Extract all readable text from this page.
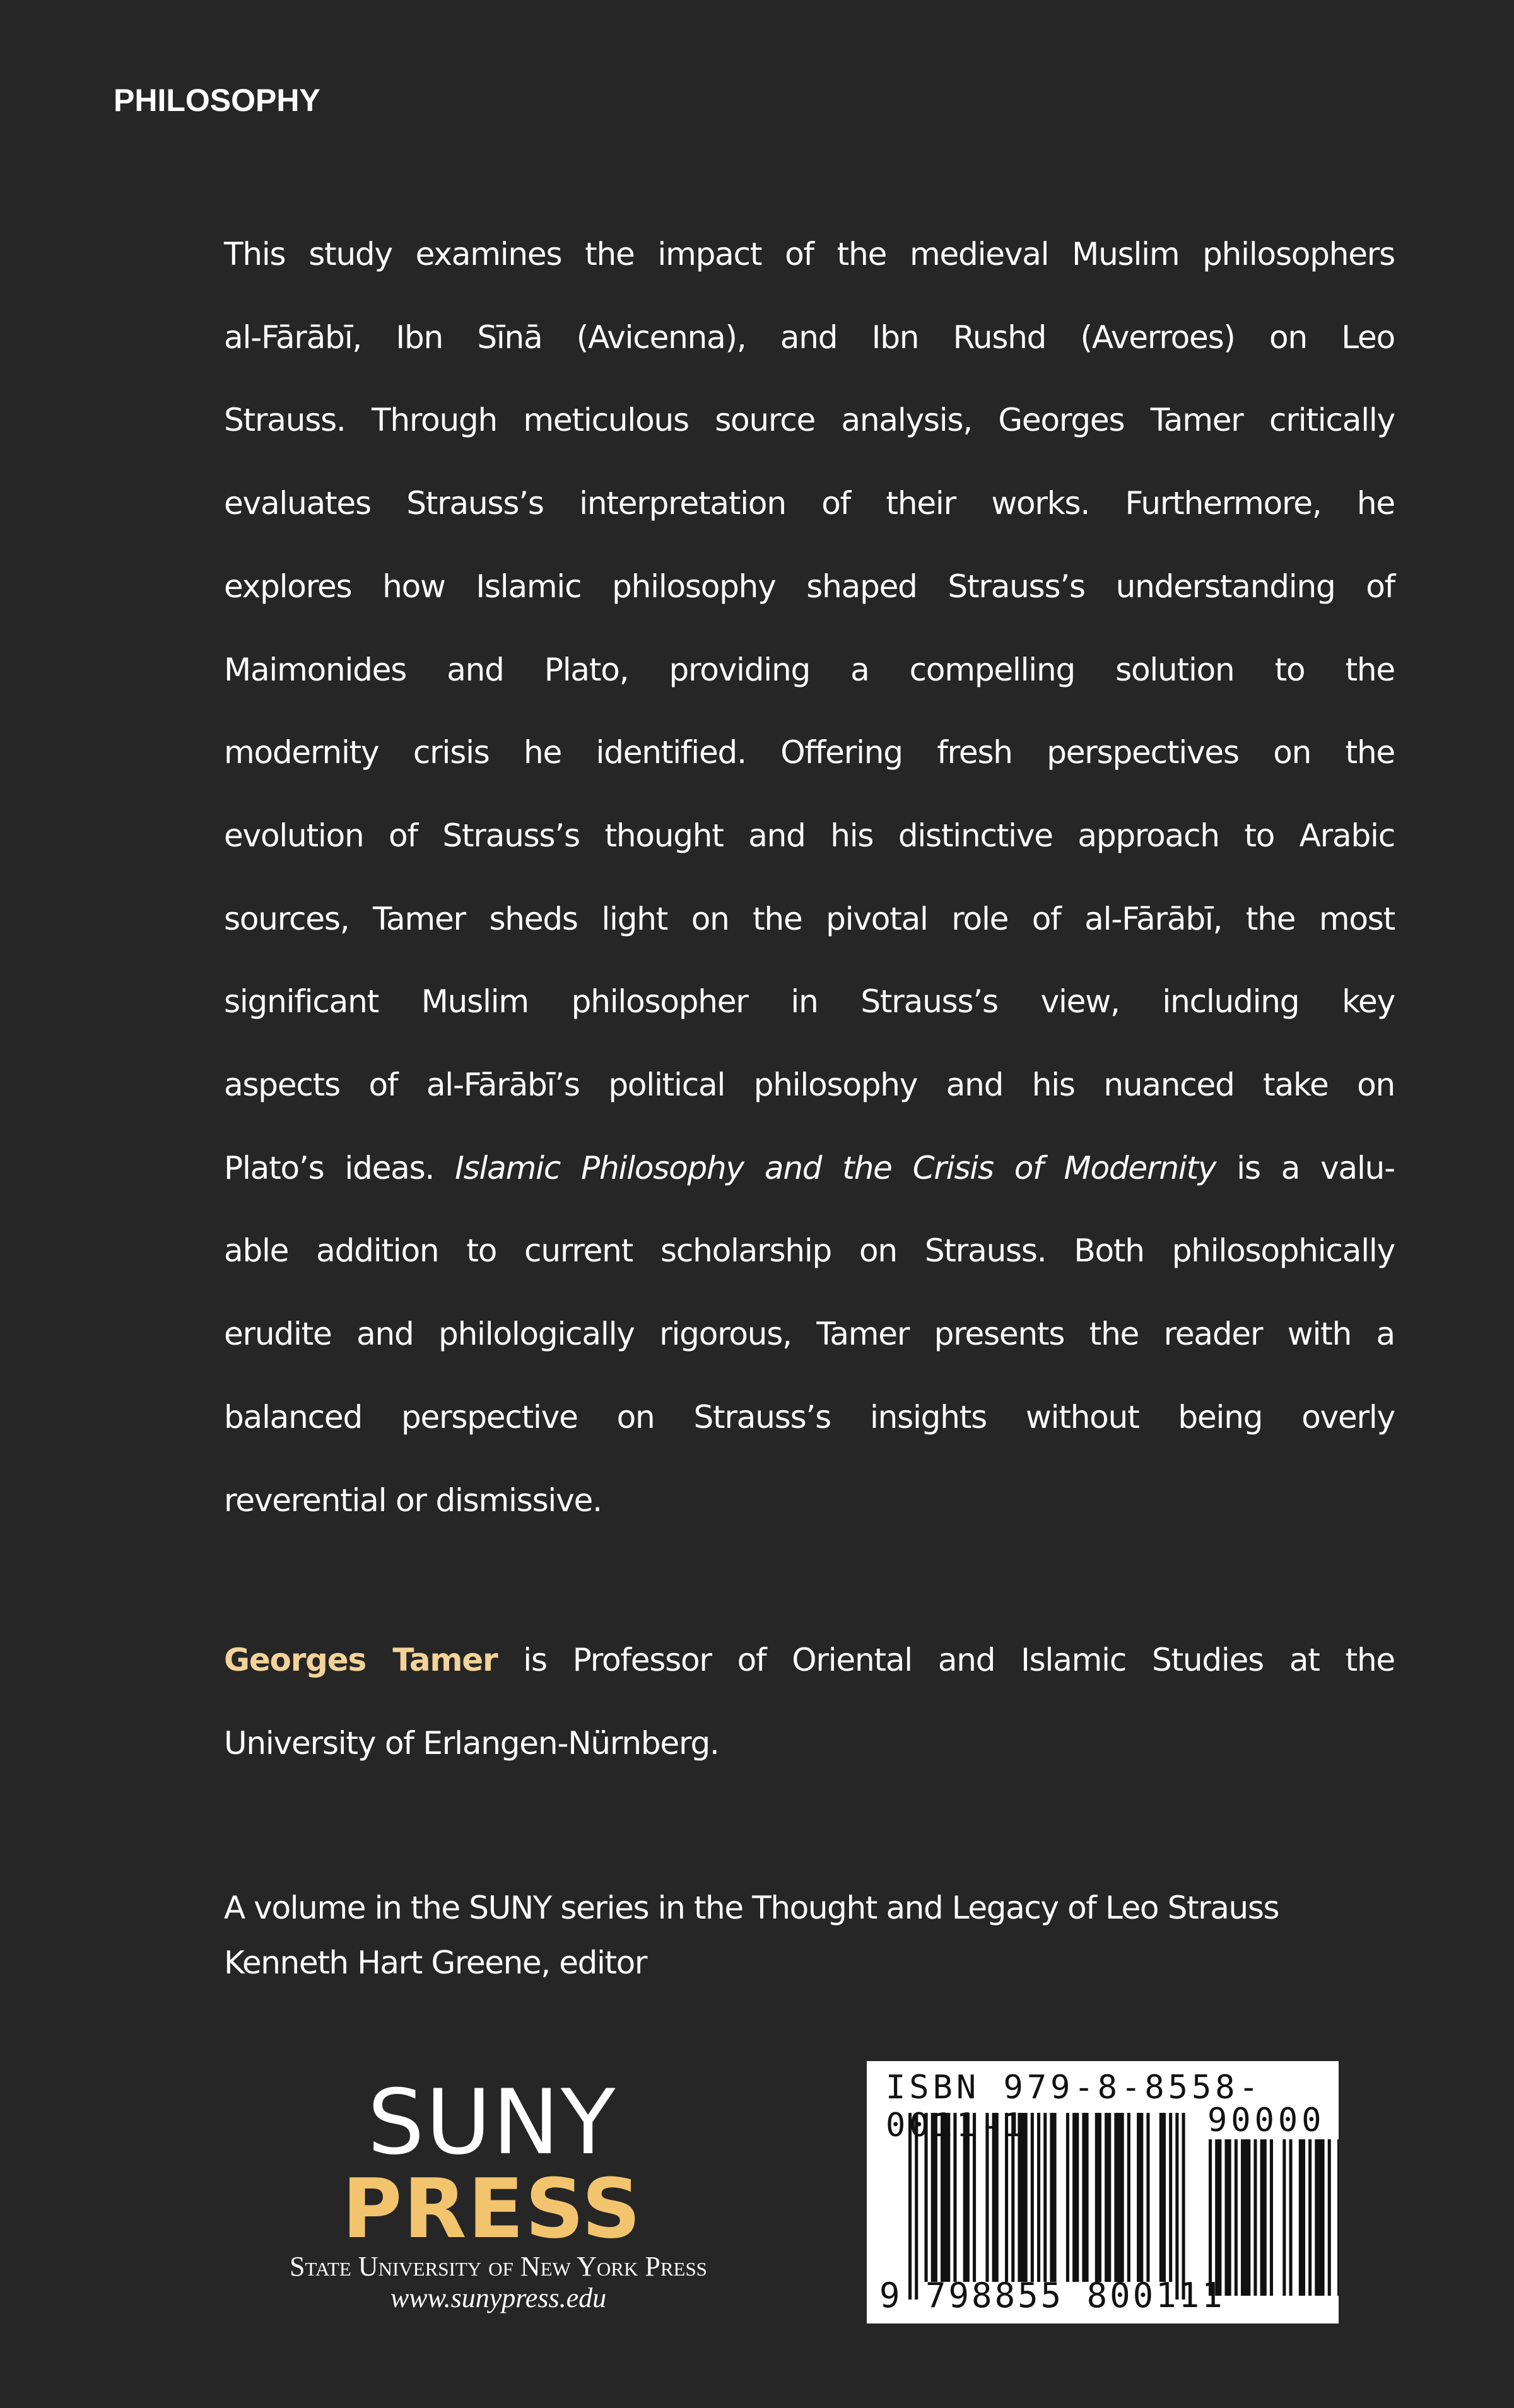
PHILOSOPHY
This study examines the impact of the medieval Muslim philosophers
al-Fārābī, Ibn Sīnā (Avicenna), and Ibn Rushd (Averroes) on Leo
Strauss. Through meticulous source analysis, Georges Tamer critically
evaluates Strauss’s interpretation of their works. Furthermore, he
explores how Islamic philosophy shaped Strauss’s understanding of
Maimonides and Plato, providing a compelling solution to the
modernity crisis he identified. Offering fresh perspectives on the
evolution of Strauss’s thought and his distinctive approach to Arabic
sources, Tamer sheds light on the pivotal role of al-Fārābī, the most
significant Muslim philosopher in Strauss’s view, including key
aspects of al-Fārābī’s political philosophy and his nuanced take on
Plato’s ideas. Islamic Philosophy and the Crisis of Modernity is a valu-
able addition to current scholarship on Strauss. Both philosophically
erudite and philologically rigorous, Tamer presents the reader with a
balanced perspective on Strauss’s insights without being overly
reverential or dismissive.
Georges Tamer is Professor of Oriental and Islamic Studies at the
University of Erlangen-Nürnberg.
A volume in the SUNY series in the Thought and Legacy of Leo Strauss
Kenneth Hart Greene, editor
SUNY
PRESS
State University of New York Press
www.sunypress.edu
ISBN 979-8-8558-0011-1	90000
9 798855 800111
